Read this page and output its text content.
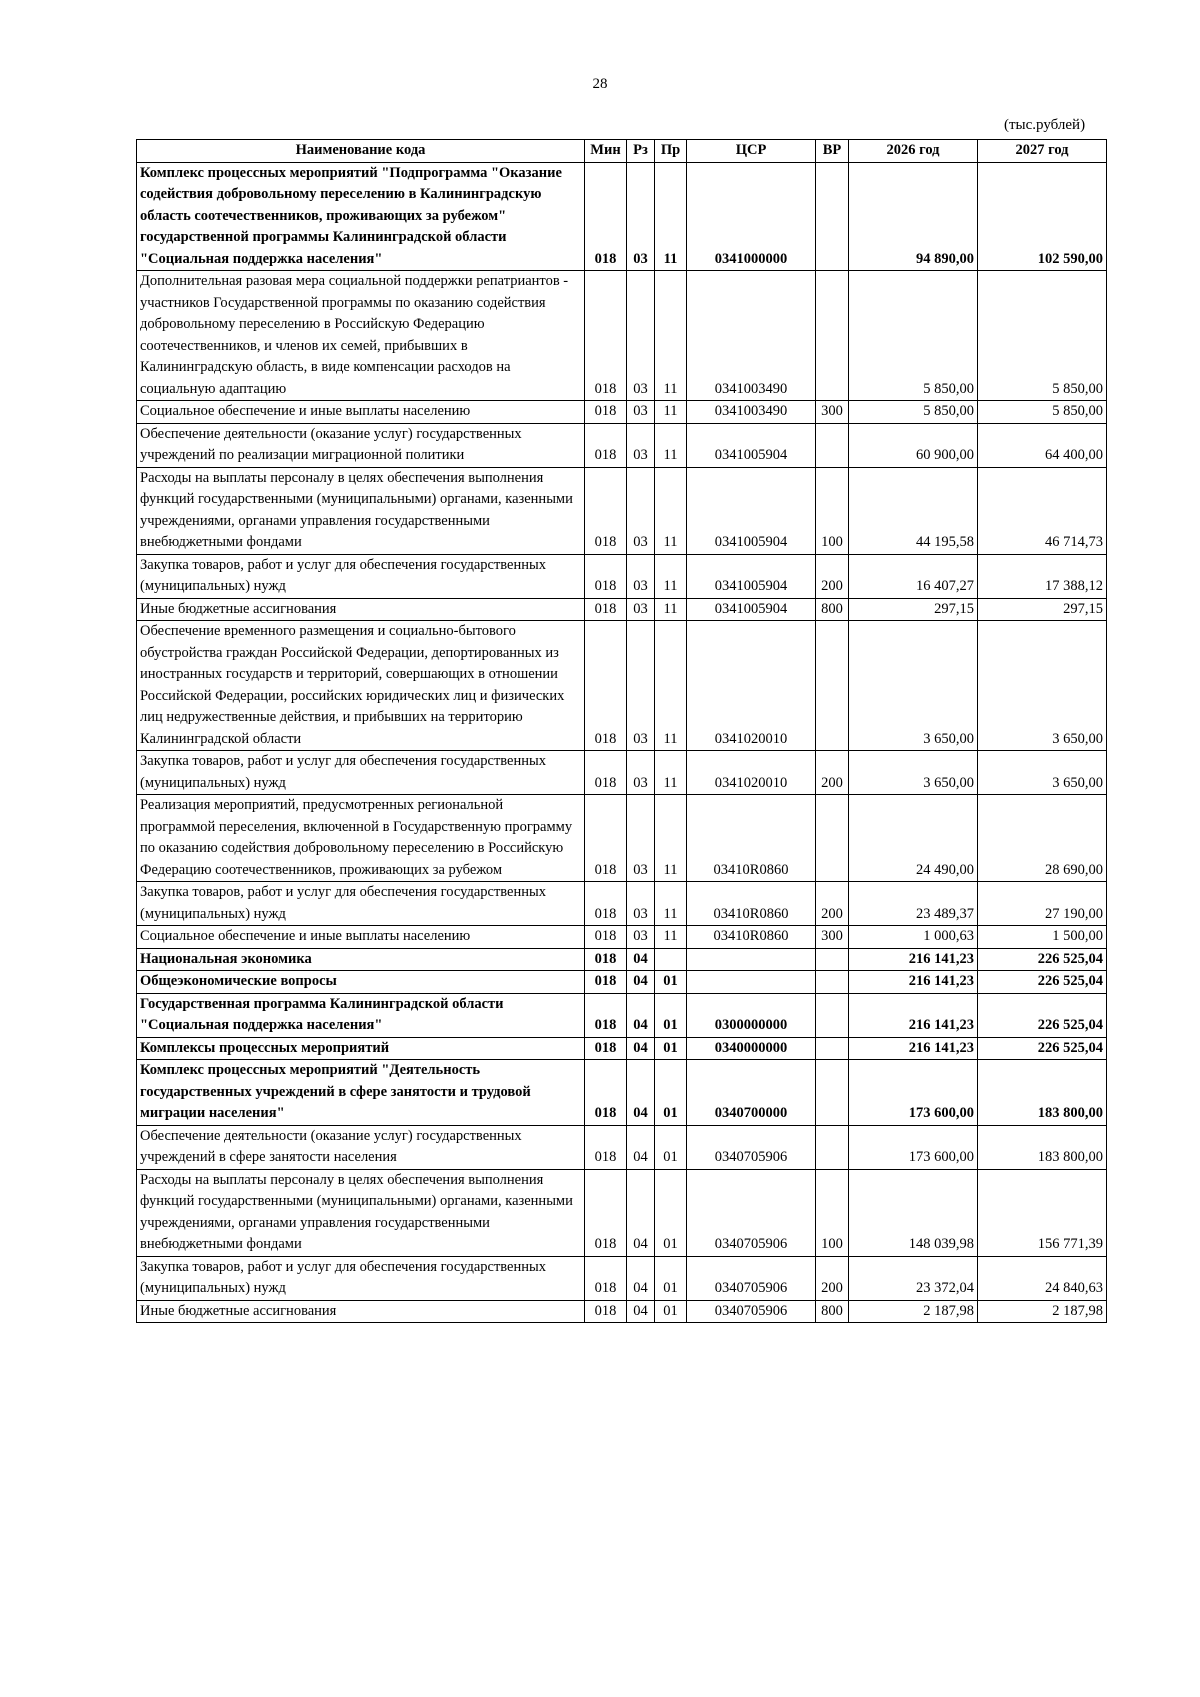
28
(тыс.рублей)
Наименование кода	Мин	Рз	Пр	ЦСР	ВР	2026 год	2027 год
Комплекс процессных мероприятий "Подпрограмма "Оказание содействия добровольному переселению в Калининградскую область соотечественников, проживающих за рубежом" государственной программы Калининградской области "Социальная поддержка населения"	018	03	11	0341000000		94 890,00	102 590,00
Дополнительная разовая мера социальной поддержки репатриантов - участников Государственной программы по оказанию содействия добровольному переселению в Российскую Федерацию соотечественников, и членов их семей, прибывших в Калининградскую область, в виде компенсации расходов на социальную адаптацию	018	03	11	0341003490		5 850,00	5 850,00
Социальное обеспечение и иные выплаты населению	018	03	11	0341003490	300	5 850,00	5 850,00
Обеспечение деятельности (оказание услуг) государственных учреждений по реализации миграционной политики	018	03	11	0341005904		60 900,00	64 400,00
Расходы на выплаты персоналу в целях обеспечения выполнения функций государственными (муниципальными) органами, казенными учреждениями, органами управления государственными внебюджетными фондами	018	03	11	0341005904	100	44 195,58	46 714,73
Закупка товаров, работ и услуг для обеспечения государственных (муниципальных) нужд	018	03	11	0341005904	200	16 407,27	17 388,12
Иные бюджетные ассигнования	018	03	11	0341005904	800	297,15	297,15
Обеспечение временного размещения и социально-бытового обустройства граждан Российской Федерации, депортированных из иностранных государств и территорий, совершающих в отношении Российской Федерации, российских юридических лиц и физических лиц недружественные действия, и прибывших на территорию Калининградской области	018	03	11	0341020010		3 650,00	3 650,00
Закупка товаров, работ и услуг для обеспечения государственных (муниципальных) нужд	018	03	11	0341020010	200	3 650,00	3 650,00
Реализация мероприятий, предусмотренных региональной программой переселения, включенной в Государственную программу по оказанию содействия добровольному переселению в Российскую Федерацию соотечественников, проживающих за рубежом	018	03	11	03410R0860		24 490,00	28 690,00
Закупка товаров, работ и услуг для обеспечения государственных (муниципальных) нужд	018	03	11	03410R0860	200	23 489,37	27 190,00
Социальное обеспечение и иные выплаты населению	018	03	11	03410R0860	300	1 000,63	1 500,00
Национальная экономика	018	04				216 141,23	226 525,04
Общеэкономические вопросы	018	04	01			216 141,23	226 525,04
Государственная программа Калининградской области "Социальная поддержка населения"	018	04	01	0300000000		216 141,23	226 525,04
Комплексы процессных мероприятий	018	04	01	0340000000		216 141,23	226 525,04
Комплекс процессных мероприятий "Деятельность государственных учреждений в сфере занятости и трудовой миграции населения"	018	04	01	0340700000		173 600,00	183 800,00
Обеспечение деятельности (оказание услуг) государственных учреждений в сфере занятости населения	018	04	01	0340705906		173 600,00	183 800,00
Расходы на выплаты персоналу в целях обеспечения выполнения функций государственными (муниципальными) органами, казенными учреждениями, органами управления государственными внебюджетными фондами	018	04	01	0340705906	100	148 039,98	156 771,39
Закупка товаров, работ и услуг для обеспечения государственных (муниципальных) нужд	018	04	01	0340705906	200	23 372,04	24 840,63
Иные бюджетные ассигнования	018	04	01	0340705906	800	2 187,98	2 187,98
